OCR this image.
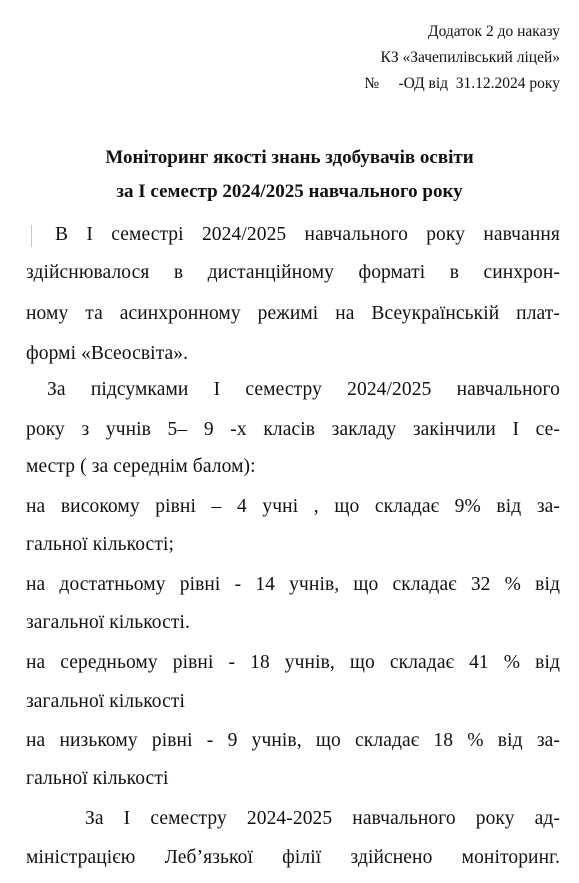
Додаток 2 до наказу
КЗ «Зачепилівський ліцей»
№     -ОД від  31.12.2024 року
Моніторинг якості знань здобувачів освіти
за І семестр 2024/2025 навчального року
В І семестрі 2024/2025 навчального року навчання
здійснювалося в дистанційному форматі в синхрон-
ному та асинхронному режимі на Всеукраїнській плат-
формі «Всеосвіта».
За підсумками І семестру 2024/2025 навчального
року з учнів 5– 9 -х класів закладу закінчили І се-
местр ( за середнім балом):
на високому рівні – 4 учні , що складає 9% від за-
гальної кількості;
на достатньому рівні - 14 учнів, що складає 32 % від
загальної кількості.
на середньому рівні - 18 учнів, що складає 41 % від
загальної кількості
на низькому рівні - 9 учнів, що складає 18 % від за-
гальної кількості
За І семестру 2024-2025 навчального року ад-
міністрацією Леб’язької філії здійснено моніторинг.
